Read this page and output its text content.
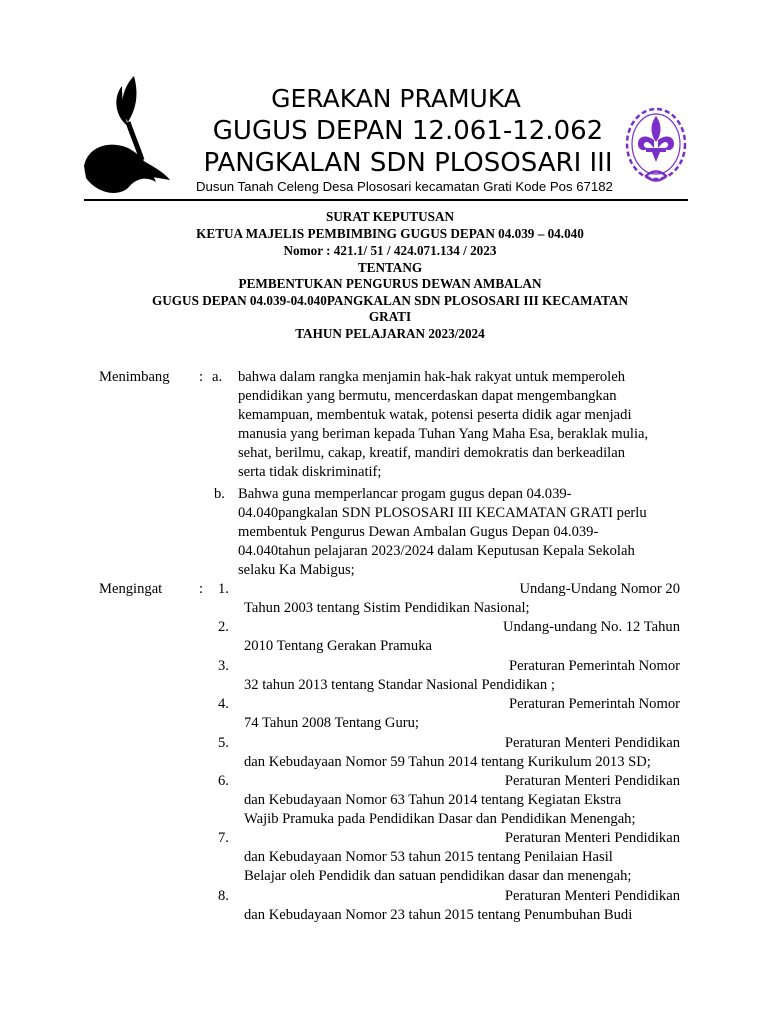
GERAKAN PRAMUKA
GUGUS DEPAN 12.061-12.062
PANGKALAN SDN PLOSOSARI III
Dusun Tanah Celeng Desa Plososari kecamatan Grati Kode Pos 67182
SURAT KEPUTUSAN
KETUA MAJELIS PEMBIMBING GUGUS DEPAN 04.039 – 04.040
Nomor : 421.1/ 51 / 424.071.134 / 2023
TENTANG
PEMBENTUKAN PENGURUS DEWAN AMBALAN
GUGUS DEPAN 04.039-04.040PANGKALAN SDN PLOSOSARI III KECAMATAN
GRATI
TAHUN PELAJARAN 2023/2024
Menimbang : a. bahwa dalam rangka menjamin hak-hak rakyat untuk memperoleh
pendidikan yang bermutu, mencerdaskan dapat mengembangkan
kemampuan, membentuk watak, potensi peserta didik agar menjadi
manusia yang beriman kepada Tuhan Yang Maha Esa, beraklak mulia,
sehat, berilmu, cakap, kreatif, mandiri demokratis dan berkeadilan
serta tidak diskriminatif;
b. Bahwa guna memperlancar progam gugus depan 04.039-
04.040pangkalan SDN PLOSOSARI III KECAMATAN GRATI perlu
membentuk Pengurus Dewan Ambalan Gugus Depan 04.039-
04.040tahun pelajaran 2023/2024 dalam Keputusan Kepala Sekolah
selaku Ka Mabigus;
Mengingat	: 1.	Undang-Undang Nomor 20
Tahun 2003 tentang Sistim Pendidikan Nasional;
2.	Undang-undang No. 12 Tahun
2010 Tentang Gerakan Pramuka
3.	Peraturan Pemerintah Nomor
32 tahun 2013 tentang Standar Nasional Pendidikan ;
4.	Peraturan Pemerintah Nomor
74 Tahun 2008 Tentang Guru;
5.	Peraturan Menteri Pendidikan
dan Kebudayaan Nomor 59 Tahun 2014 tentang Kurikulum 2013 SD;
6.	Peraturan Menteri Pendidikan
dan Kebudayaan Nomor 63 Tahun 2014 tentang Kegiatan Ekstra
Wajib Pramuka pada Pendidikan Dasar dan Pendidikan Menengah;
7.	Peraturan Menteri Pendidikan
dan Kebudayaan Nomor 53 tahun 2015 tentang Penilaian Hasil
Belajar oleh Pendidik dan satuan pendidikan dasar dan menengah;
8.	Peraturan Menteri Pendidikan
dan Kebudayaan Nomor 23 tahun 2015 tentang Penumbuhan Budi
